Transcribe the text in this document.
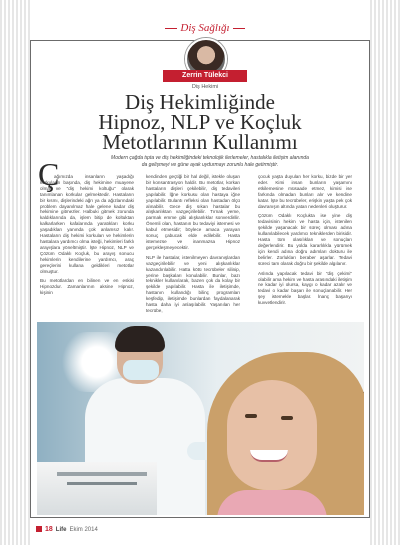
Diş Sağlığı
Zerrin Tülekci
Diş Hekimi
Diş Hekimliğinde
Hipnoz, NLP ve Koçluk
Metotlarının Kullanımı
Modern çağda tıpta ve diş hekimliğindeki teknolojik ilerlemeler, hastalıkla iletişim alanında da gelişmeyi ve güne ayak uydurmayı zorunlu hale getirmiştir.
Ç

ağımızda insanların yaşadığı korkuların başında, diş hekimine muayene olma ve "diş hekimi koltuğu" olarak tanımlanan korkular gelmektedir. Hastaların bir kısmı, dişlerindeki ağrı ya da ağızlarındaki problem dayanılmaz hale gelene kadar diş hekimine gitmezler. Halbuki gitmek zorunda kaldıklarında da, işlem bitip de koltuktan kalkarlarken kafalarında yaratıkları korku yaşadıkları yanında çok anlamsız kalır. Hastaların diş hekimi korkuları ve hekimlerin hastalara yardımcı olma isteği, hekimleri farklı arayışlara yöneltmiştir. İşte Hipnoz, NLP ve Çözüm Odaklı Koçluk, bu arayış sonucu hekimlerin kendilerine yardımcı, araç gereçlerini kullana geldikleri metotlar olmuştur.

Bu metotlardan en bilinen ve en eskisi Hipnozdur. Zamanlarının aksine Hipnoz, kişinin

kendinden geçtiği bir hal değil, istekle oluşan bir konsantrasyon haldir. Bu metotlar, korkan hastaların dişleri çekilebilir, diş tedavileri yapılabilir. İğne korkusu olan hastaya iğne yapılabilir. Bulantı refleksi olan hastadan ölçü alınabilir. Gece diş sıkan hastalar bu alışkanlıktan vazgeçirilebilir. Tırnak yeme, parmak emme gibi alışkanlıklar sonverdirilir. Önemli olan, hastanın bu tedaviyi istemesi ve kabul etmesidir; böylece amaca yarayan sonuç çabucak elde edilebilir. Hasta istemezse ve inanmazsa Hipnoz gerçekleşmeyecektir.

NLP ile hastalar, istenilmeyen davranışlardan vazgeçirilebilir ve yeni alışkanlıklar kazandırılabilir. Hatta kötü tecrübeler silinip, yerine başkaları konulabilir. Bunlar, bazı teknikler kullanılarak, bazen çok da kolay bir şekilde yapılabilir. Hasta ile iletişimde, hastanın kullandığı bilinç programları keşfedip, iletişimde bunlardan faydalanarak hasta daha iyi anlaşılabilir. Yaşanılan her tecrübe,

çocuk yaşta duyulan her korku, bizde bir yer eder. Kimi insan bunların yaşamını etkilemesine müsaade etmez, kimisi ise farkında olmadan bunları alır ve kendine katar. İşte bu tecrübeler, erişkin yaşta pek çok davranışın altında yatan nedenleri oluşturur.

Çözüm Odaklı Koçlukta ise yine diş tedavisinin hekim ve hasta için, istenilen şekilde yaşanacak bir süreç olması adına kullanılabilecek yardımcı tekniklerden birisidir. Hasta tüm olasılıkları ve sonuçları değerlendirir. Bu yolda kararlılıkla yürümek için kendi adına doğru adımları dokturu ile belirler. Zorlukları beraber aşarlar. Tedavi süreci tam olarak doğru bir şekilde algılanır.

Aslında yapılacak tedavi bir "diş çekimi" olabilir ama hekim ve hasta arasındaki iletişim ne kadar iyi olursa, kaygı o kadar azalır ve tedavi o kadar başarı ile sonuçlanabilir. Her şey istemekle başlar. İnanç başarıyı kuvvetlendirir.

18 Life Ekim 2014
